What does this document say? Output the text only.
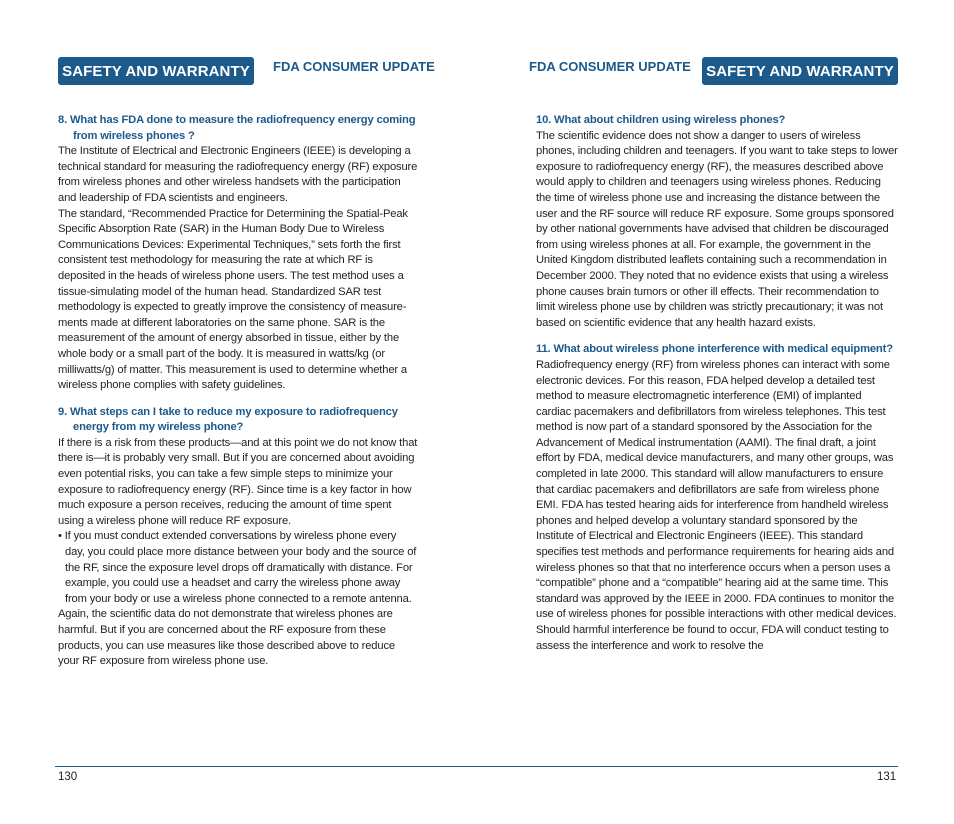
SAFETY AND WARRANTY	FDA CONSUMER UPDATE

8. What has FDA done to measure the radiofrequency energy coming from wireless phones ?

The Institute of Electrical and Electronic Engineers (IEEE) is developing a technical standard for measuring the radiofrequency energy (RF) exposure from wireless phones and other wireless handsets with the participation and leadership of FDA scientists and engineers.

The standard, “Recommended Practice for Determining the Spatial-Peak Specific Absorption Rate (SAR) in the Human Body Due to Wireless Communications Devices: Experimental Techniques,” sets forth the first consistent test methodology for measuring the rate at which RF is deposited in the heads of wireless phone users. The test method uses a tissue-simulating model of the human head. Standardized SAR test methodology is expected to greatly improve the consistency of measure-ments made at different laboratories on the same phone. SAR is the measurement of the amount of energy absorbed in tissue, either by the whole body or a small part of the body. It is measured in watts/kg (or milliwatts/g) of matter. This measurement is used to determine whether a wireless phone complies with safety guidelines.

9. What steps can I take to reduce my exposure to radiofrequency energy from my wireless phone?

If there is a risk from these products—and at this point we do not know that there is—it is probably very small. But if you are concerned about avoiding even potential risks, you can take a few simple steps to minimize your exposure to radiofrequency energy (RF). Since time is a key factor in how much exposure a person receives, reducing the amount of time spent using a wireless phone will reduce RF exposure.

• If you must conduct extended conversations by wireless phone every day, you could place more distance between your body and the source of the RF, since the exposure level drops off dramatically with distance. For example, you could use a headset and carry the wireless phone away from your body or use a wireless phone connected to a remote antenna.

Again, the scientific data do not demonstrate that wireless phones are harmful. But if you are concerned about the RF exposure from these products, you can use measures like those described above to reduce your RF exposure from wireless phone use.

130
FDA CONSUMER UPDATE SAFETY AND WARRANTY

10. What about children using wireless phones?

The scientific evidence does not show a danger to users of wireless phones, including children and teenagers. If you want to take steps to lower exposure to radiofrequency energy (RF), the measures described above would apply to children and teenagers using wireless phones. Reducing the time of wireless phone use and increasing the distance between the user and the RF source will reduce RF exposure. Some groups sponsored by other national governments have advised that children be discouraged from using wireless phones at all. For example, the government in the United Kingdom distributed leaflets containing such a recommendation in December 2000. They noted that no evidence exists that using a wireless phone causes brain tumors or other ill effects. Their recommendation to limit wireless phone use by children was strictly precautionary; it was not based on scientific evidence that any health hazard exists.

11. What about wireless phone interference with medical equipment?

Radiofrequency energy (RF) from wireless phones can interact with some electronic devices. For this reason, FDA helped develop a detailed test method to measure electromagnetic interference (EMI) of implanted cardiac pacemakers and defibrillators from wireless telephones. This test method is now part of a standard sponsored by the Association for the Advancement of Medical instrumentation (AAMI). The final draft, a joint effort by FDA, medical device manufacturers, and many other groups, was completed in late 2000. This standard will allow manufacturers to ensure that cardiac pacemakers and defibrillators are safe from wireless phone EMI. FDA has tested hearing aids for interference from handheld wireless phones and helped develop a voluntary standard sponsored by the Institute of Electrical and Electronic Engineers (IEEE). This standard specifies test methods and performance requirements for hearing aids and wireless phones so that that no interference occurs when a person uses a “compatible” phone and a “compatible” hearing aid at the same time. This standard was approved by the IEEE in 2000. FDA continues to monitor the use of wireless phones for possible interactions with other medical devices. Should harmful interference be found to occur, FDA will conduct testing to assess the interference and work to resolve the

131
